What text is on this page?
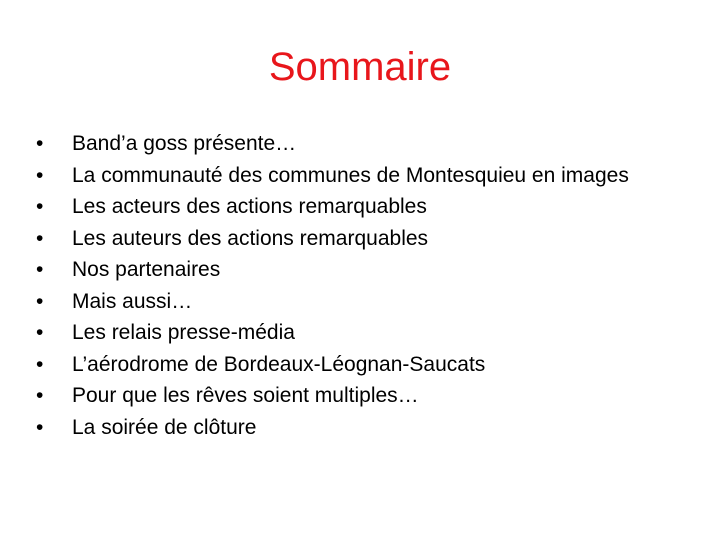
Sommaire
•	Band’a goss présente…
•	La communauté des communes de Montesquieu en images
•	Les acteurs des actions remarquables
•	Les auteurs des actions remarquables
•	Nos partenaires
•	Mais aussi…
•	Les relais presse-média
•	L’aérodrome de Bordeaux-Léognan-Saucats
•	Pour que les rêves soient multiples…
•	La soirée de clôture
